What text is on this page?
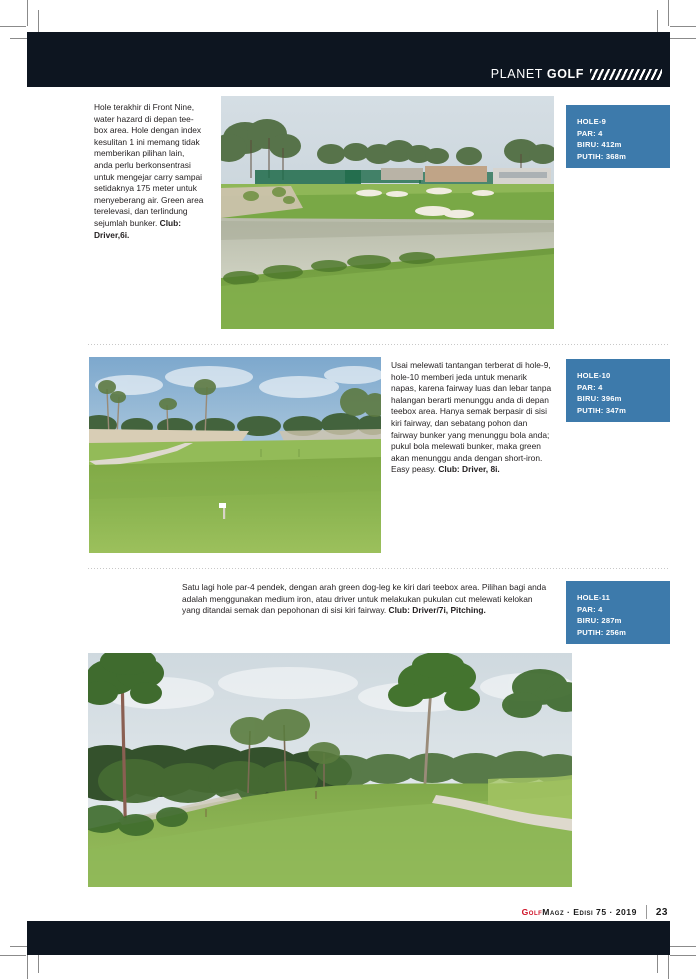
PLANET GOLF
Hole terakhir di Front Nine, water hazard di depan tee-box area. Hole dengan index kesulitan 1 ini memang tidak memberikan pilihan lain, anda perlu berkonsentrasi untuk mengejar carry sampai setidaknya 175 meter untuk menyeberang air. Green area terelevasi, dan terlindung sejumlah bunker. Club: Driver,6i.
HOLE-9
PAR: 4
BIRU: 412m
PUTIH: 368m
Usai melewati tantangan terberat di hole-9, hole-10 memberi jeda untuk menarik napas, karena fairway luas dan lebar tanpa halangan berarti menunggu anda di depan teebox area. Hanya semak berpasir di sisi kiri fairway, dan sebatang pohon dan fairway bunker yang menunggu bola anda; pukul bola melewati bunker, maka green akan menunggu anda dengan short-iron. Easy peasy. Club: Driver, 8i.
HOLE-10
PAR: 4
BIRU: 396m
PUTIH: 347m
Satu lagi hole par-4 pendek, dengan arah green dog-leg ke kiri dari teebox area. Pilihan bagi anda adalah menggunakan medium iron, atau driver untuk melakukan pukulan cut melewati kelokan yang ditandai semak dan pepohonan di sisi kiri fairway. Club: Driver/7i, Pitching.
HOLE-11
PAR: 4
BIRU: 287m
PUTIH: 256m
GolfMagz · Edisi 75 · 2019 23
